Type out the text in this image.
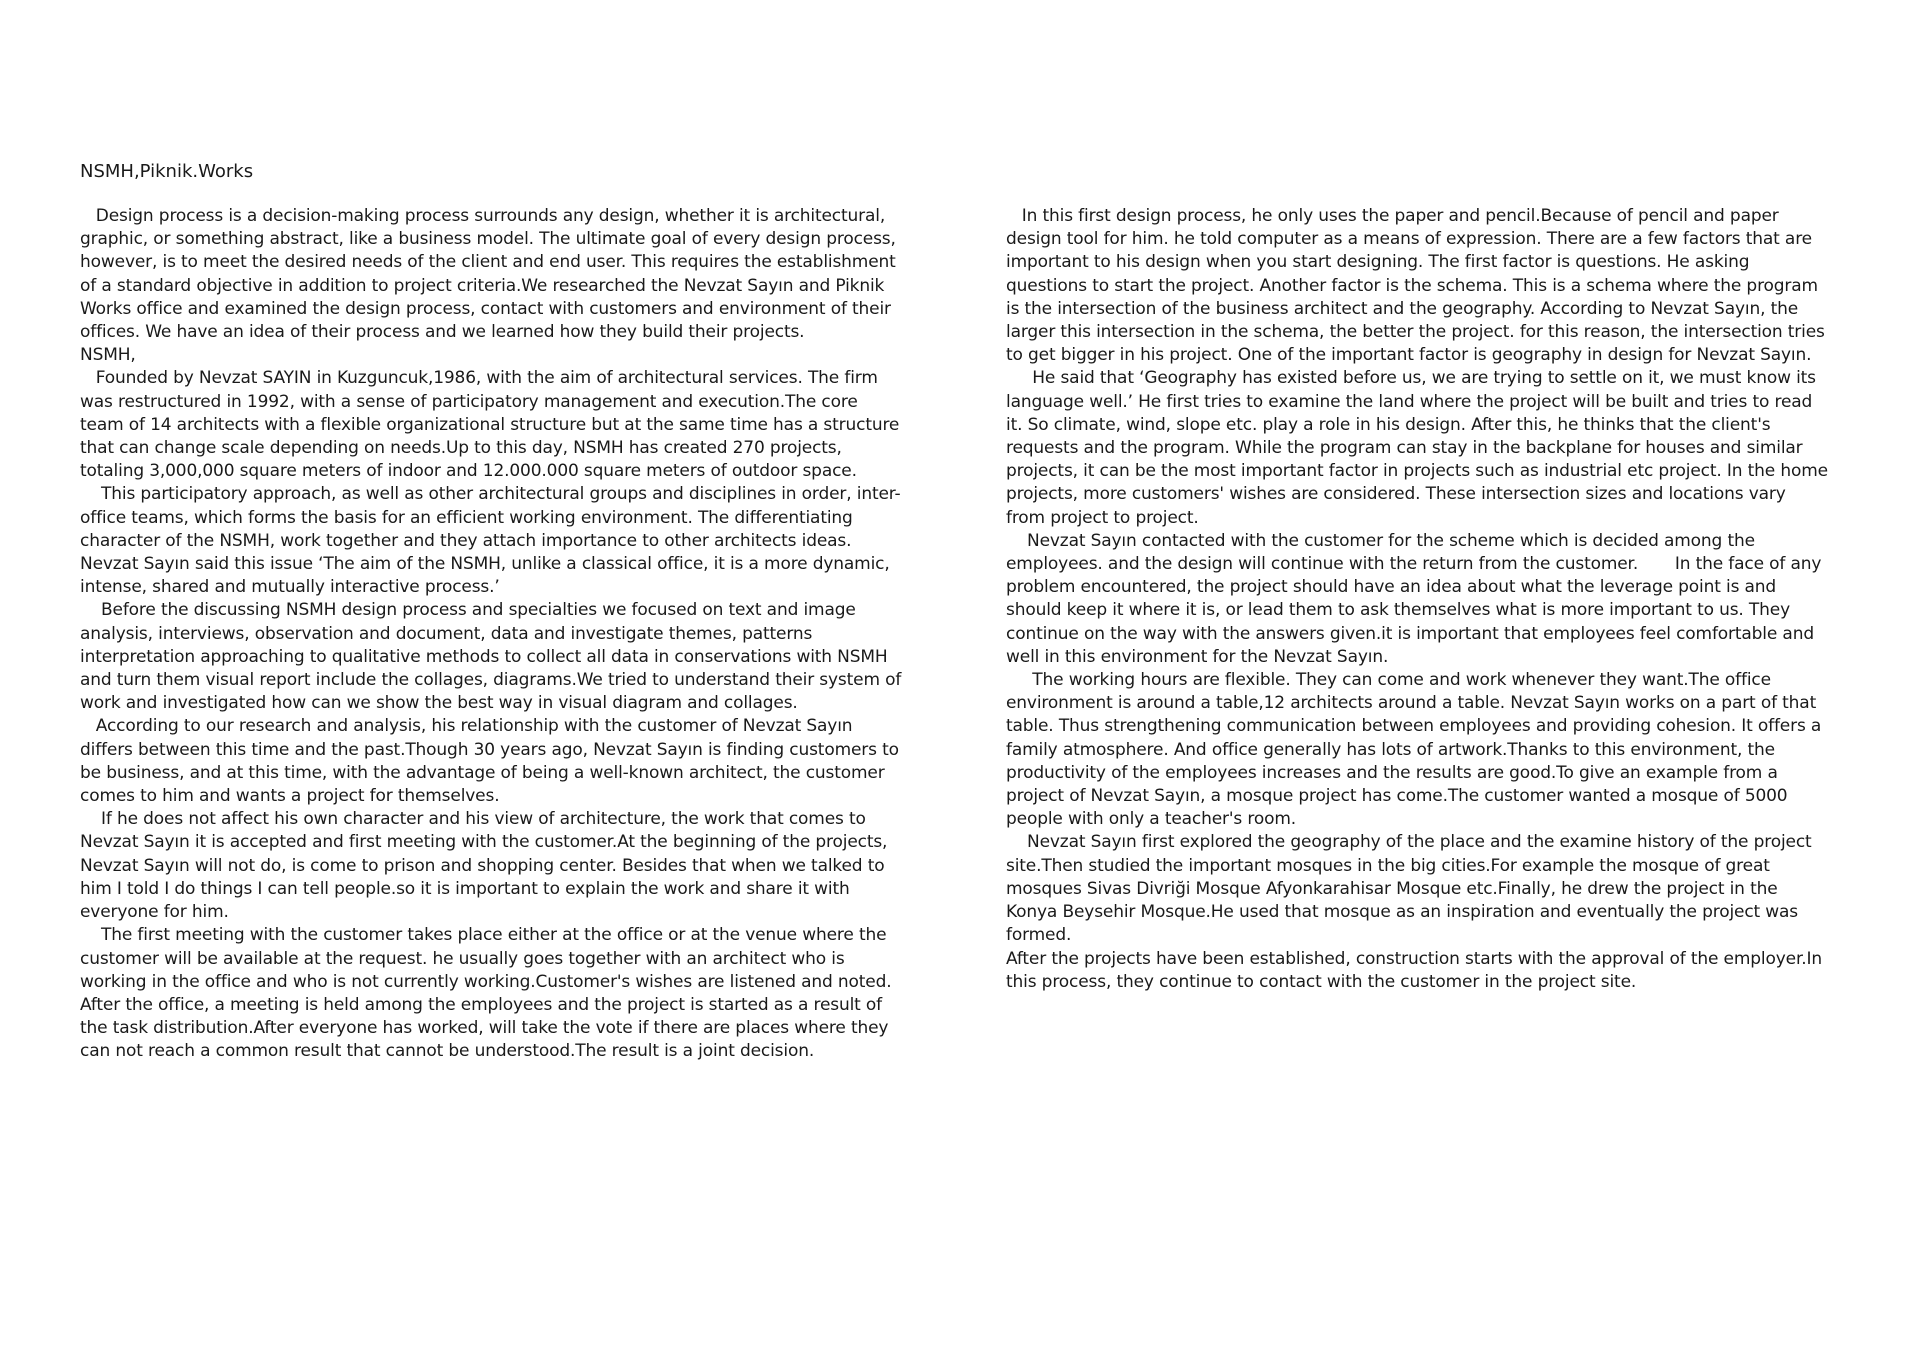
NSMH,Piknik.Works

Design process is a decision-making process surrounds any design, whether it is architectural, graphic, or something abstract, like a business model. The ultimate goal of every design process, however, is to meet the desired needs of the client and end user. This requires the establishment of a standard objective in addition to project criteria.We researched the Nevzat Sayın and Piknik Works office and examined the design process, contact with customers and environment of their offices. We have an idea of their process and we learned how they build their projects.

NSMH,

Founded by Nevzat SAYIN in Kuzguncuk,1986, with the aim of architectural services. The firm was restructured in 1992, with a sense of participatory management and execution.The core team of 14 architects with a flexible organizational structure but at the same time has a structure that can change scale depending on needs.Up to this day, NSMH has created 270 projects, totaling 3,000,000 square meters of indoor and 12.000.000 square meters of outdoor space.

This participatory approach, as well as other architectural groups and disciplines in order, inter-office teams, which forms the basis for an efficient working environment. The differentiating character of the NSMH, work together and they attach importance to other architects ideas. Nevzat Sayın said this issue ‘The aim of the NSMH, unlike a classical office, it is a more dynamic, intense, shared and mutually interactive process.’

Before the discussing NSMH design process and specialties we focused on text and image analysis, interviews, observation and document, data and investigate themes, patterns interpretation approaching to qualitative methods to collect all data in conservations with NSMH and turn them visual report include the collages, diagrams.We tried to understand their system of work and investigated how can we show the best way in visual diagram and collages.

According to our research and analysis, his relationship with the customer of Nevzat Sayın differs between this time and the past.Though 30 years ago, Nevzat Sayın is finding customers to be business, and at this time, with the advantage of being a well-known architect, the customer comes to him and wants a project for themselves.

If he does not affect his own character and his view of architecture, the work that comes to Nevzat Sayın it is accepted and first meeting with the customer.At the beginning of the projects, Nevzat Sayın will not do, is come to prison and shopping center. Besides that when we talked to him I told I do things I can tell people.so it is important to explain the work and share it with everyone for him.

The first meeting with the customer takes place either at the office or at the venue where the customer will be available at the request. he usually goes together with an architect who is working in the office and who is not currently working.Customer's wishes are listened and noted. After the office, a meeting is held among the employees and the project is started as a result of the task distribution.After everyone has worked, will take the vote if there are places where they can not reach a common result that cannot be understood.The result is a joint decision.

In this first design process, he only uses the paper and pencil.Because of pencil and paper design tool for him. he told computer as a means of expression. There are a few factors that are important to his design when you start designing. The first factor is questions. He asking questions to start the project. Another factor is the schema. This is a schema where the program is the intersection of the business architect and the geography. According to Nevzat Sayın, the larger this intersection in the schema, the better the project. for this reason, the intersection tries to get bigger in his project. One of the important factor is geography in design for Nevzat Sayın.

He said that ‘Geography has existed before us, we are trying to settle on it, we must know its language well.’ He first tries to examine the land where the project will be built and tries to read it. So climate, wind, slope etc. play a role in his design. After this, he thinks that the client's requests and the program. While the program can stay in the backplane for houses and similar projects, it can be the most important factor in projects such as industrial etc project. In the home projects, more customers' wishes are considered. These intersection sizes and locations vary from project to project.

Nevzat Sayın contacted with the customer for the scheme which is decided among the employees. and the design will continue with the return from the customer.       In the face of any problem encountered, the project should have an idea about what the leverage point is and should keep it where it is, or lead them to ask themselves what is more important to us. They continue on the way with the answers given.it is important that employees feel comfortable and well in this environment for the Nevzat Sayın.

The working hours are flexible. They can come and work whenever they want.The office environment is around a table,12 architects around a table. Nevzat Sayın works on a part of that table. Thus strengthening communication between employees and providing cohesion. It offers a family atmosphere. And office generally has lots of artwork.Thanks to this environment, the productivity of the employees increases and the results are good.To give an example from a project of Nevzat Sayın, a mosque project has come.The customer wanted a mosque of 5000 people with only a teacher's room.

Nevzat Sayın first explored the geography of the place and the examine history of the project site.Then studied the important mosques in the big cities.For example the mosque of great mosques Sivas Divriği Mosque Afyonkarahisar Mosque etc.Finally, he drew the project in the Konya Beysehir Mosque.He used that mosque as an inspiration and eventually the project was formed.

After the projects have been established, construction starts with the approval of the employer.In this process, they continue to contact with the customer in the project site.
